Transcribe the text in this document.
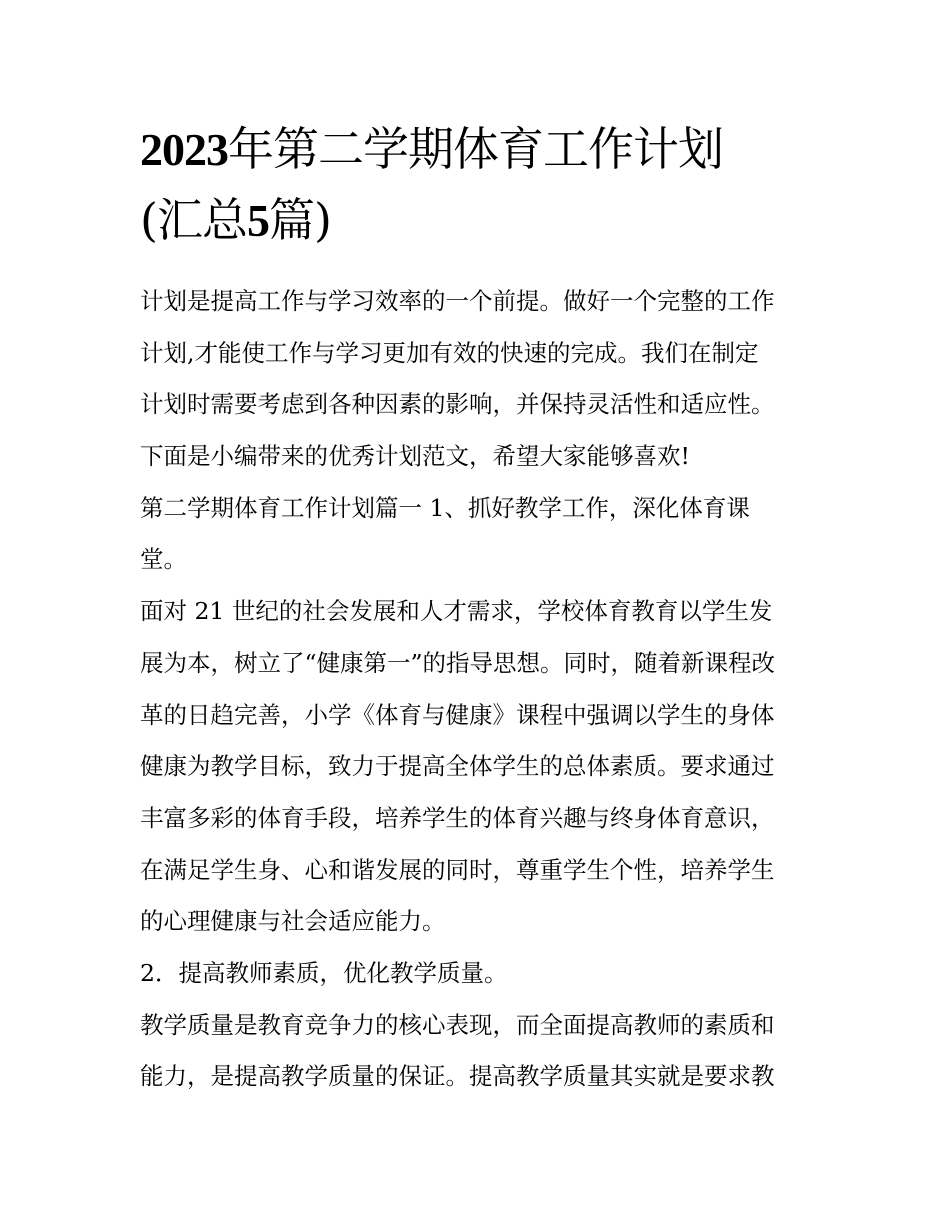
2023年第二学期体育工作计划
(汇总5篇)
计划是提高工作与学习效率的一个前提。做好一个完整的工作
计划,才能使工作与学习更加有效的快速的完成。我们在制定
计划时需要考虑到各种因素的影响，并保持灵活性和适应性。
下面是小编带来的优秀计划范文，希望大家能够喜欢!
第二学期体育工作计划篇一 1、抓好教学工作，深化体育课
堂。
面对 21 世纪的社会发展和人才需求，学校体育教育以学生发
展为本，树立了“健康第一”的指导思想。同时，随着新课程改
革的日趋完善，小学《体育与健康》课程中强调以学生的身体
健康为教学目标，致力于提高全体学生的总体素质。要求通过
丰富多彩的体育手段，培养学生的体育兴趣与终身体育意识，
在满足学生身、心和谐发展的同时，尊重学生个性，培养学生
的心理健康与社会适应能力。
2．提高教师素质，优化教学质量。
教学质量是教育竞争力的核心表现，而全面提高教师的素质和
能力，是提高教学质量的保证。提高教学质量其实就是要求教
